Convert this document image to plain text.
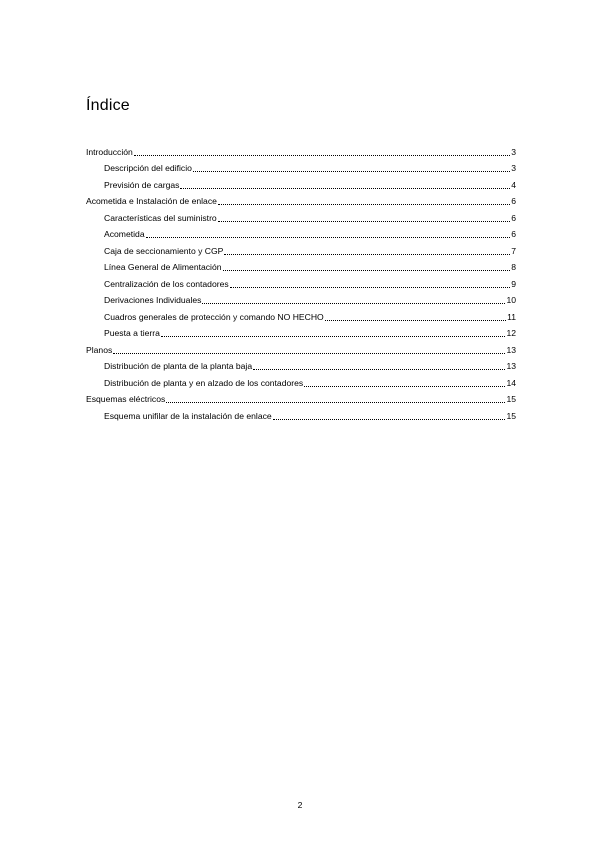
Índice
Introducción	3
Descripción del edificio	3
Previsión de cargas	4
Acometida e Instalación de enlace	6
Características del suministro	6
Acometida	6
Caja de seccionamiento y CGP	7
Línea General de Alimentación	8
Centralización de los contadores	9
Derivaciones Individuales	10
Cuadros generales de protección y comando NO HECHO	11
Puesta a tierra	12
Planos	13
Distribución de planta de la planta baja	13
Distribución de planta y en alzado de los contadores	14
Esquemas eléctricos	15
Esquema unifilar de la instalación de enlace	15
2
